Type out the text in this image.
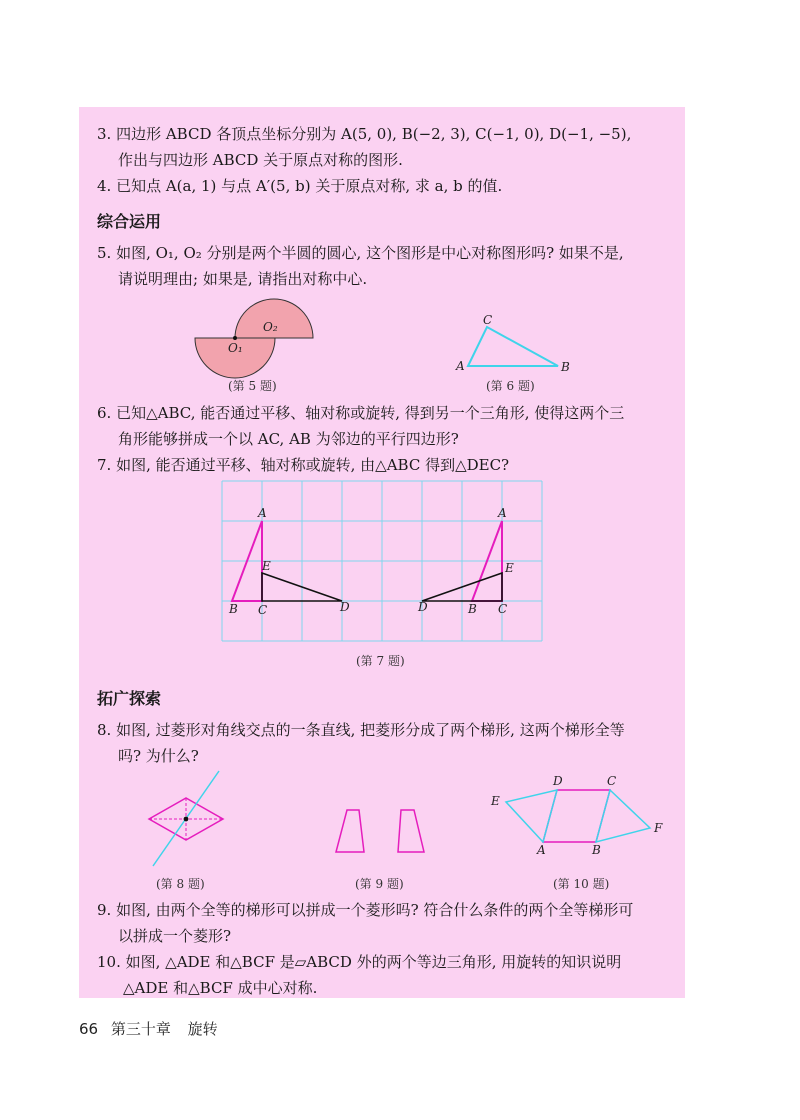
3. 四边形 ABCD 各顶点坐标分别为 A(5, 0), B(−2, 3), C(−1, 0), D(−1, −5),
作出与四边形 ABCD 关于原点对称的图形.
4. 已知点 A(a, 1) 与点 A′(5, b) 关于原点对称, 求 a, b 的值.
综合运用
5. 如图, O₁, O₂ 分别是两个半圆的圆心, 这个图形是中心对称图形吗? 如果不是,
请说明理由; 如果是, 请指出对称中心.
O₁
O₂
(第 5 题)
C
A	B
(第 6 题)
6. 已知△ABC, 能否通过平移、轴对称或旋转, 得到另一个三角形, 使得这两个三
角形能够拼成一个以 AC, AB 为邻边的平行四边形?
7. 如图, 能否通过平移、轴对称或旋转, 由△ABC 得到△DEC?
A
E
B C	D
A
E
D	B C
(第 7 题)
拓广探索
8. 如图, 过菱形对角线交点的一条直线, 把菱形分成了两个梯形, 这两个梯形全等
吗? 为什么?
(第 8 题)	(第 9 题)
D	C
E
F
A	B
(第 10 题)
9. 如图, 由两个全等的梯形可以拼成一个菱形吗? 符合什么条件的两个全等梯形可
以拼成一个菱形?
10. 如图, △ADE 和△BCF 是▱ABCD 外的两个等边三角形, 用旋转的知识说明
△ADE 和△BCF 成中心对称.
66 第三十章 旋转
